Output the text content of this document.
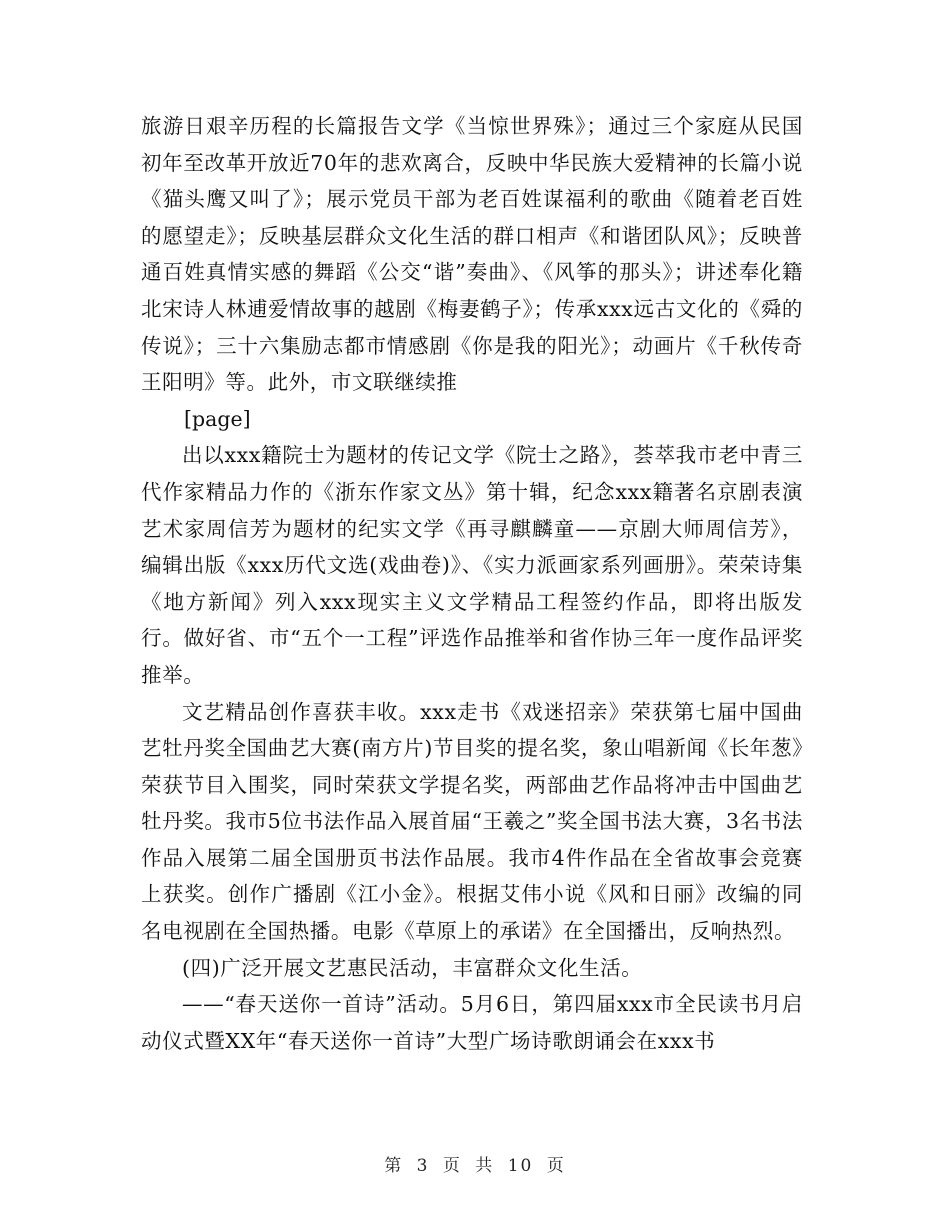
旅游日艰辛历程的长篇报告文学《当惊世界殊》；通过三个家庭从民国初年至改革开放近70年的悲欢离合，反映中华民族大爱精神的长篇小说《猫头鹰又叫了》；展示党员干部为老百姓谋福利的歌曲《随着老百姓的愿望走》；反映基层群众文化生活的群口相声《和谐团队风》；反映普通百姓真情实感的舞蹈《公交“谐”奏曲》、《风筝的那头》；讲述奉化籍北宋诗人林逋爱情故事的越剧《梅妻鹤子》；传承xxx远古文化的《舜的传说》；三十六集励志都市情感剧《你是我的阳光》；动画片《千秋传奇王阳明》等。此外，市文联继续推

[page]

出以xxx籍院士为题材的传记文学《院士之路》，荟萃我市老中青三代作家精品力作的《浙东作家文丛》第十辑，纪念xxx籍著名京剧表演艺术家周信芳为题材的纪实文学《再寻麒麟童——京剧大师周信芳》，编辑出版《xxx历代文选(戏曲卷)》、《实力派画家系列画册》。荣荣诗集《地方新闻》列入xxx现实主义文学精品工程签约作品，即将出版发行。做好省、市“五个一工程”评选作品推举和省作协三年一度作品评奖推举。

文艺精品创作喜获丰收。xxx走书《戏迷招亲》荣获第七届中国曲艺牡丹奖全国曲艺大赛(南方片)节目奖的提名奖，象山唱新闻《长年葱》荣获节目入围奖，同时荣获文学提名奖，两部曲艺作品将冲击中国曲艺牡丹奖。我市5位书法作品入展首届“王羲之”奖全国书法大赛，3名书法作品入展第二届全国册页书法作品展。我市4件作品在全省故事会竞赛上获奖。创作广播剧《江小金》。根据艾伟小说《风和日丽》改编的同名电视剧在全国热播。电影《草原上的承诺》在全国播出，反响热烈。

(四)广泛开展文艺惠民活动，丰富群众文化生活。

——“春天送你一首诗”活动。5月6日，第四届xxx市全民读书月启动仪式暨XX年“春天送你一首诗”大型广场诗歌朗诵会在xxx书

第 3 页 共 10 页
